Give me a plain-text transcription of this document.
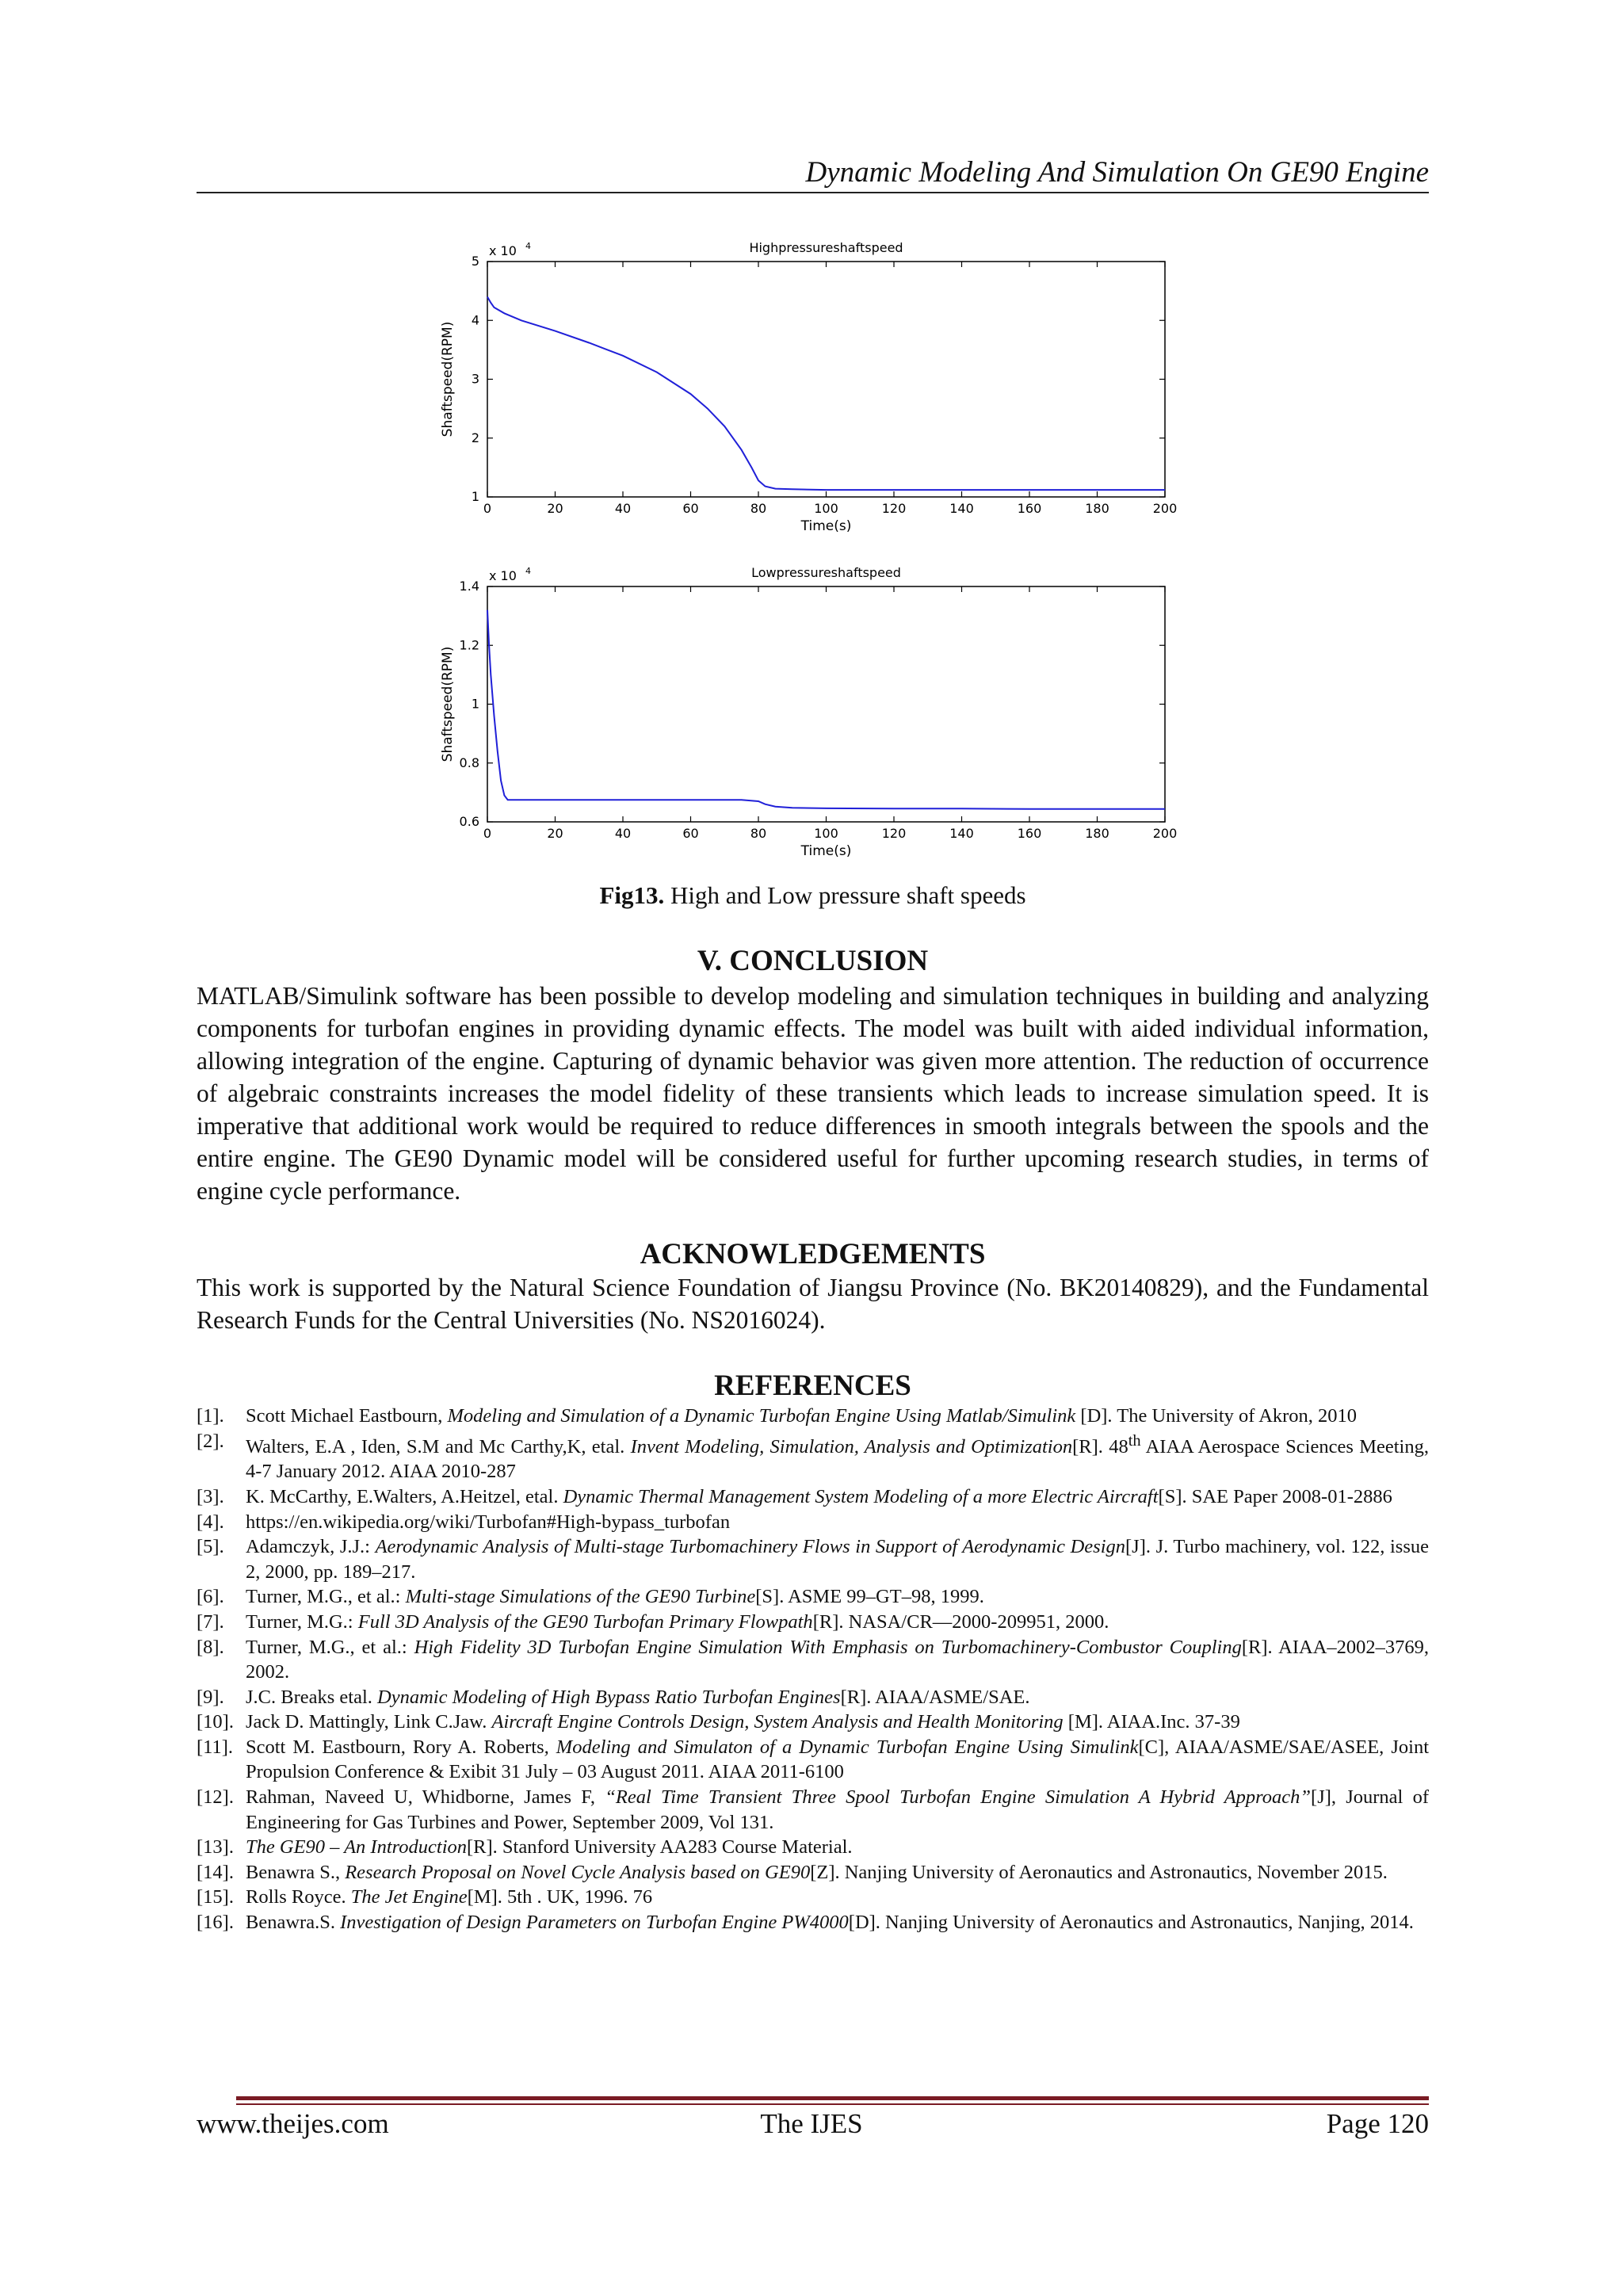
Dynamic Modeling And Simulation On GE90 Engine
0	20	40	60	80	100	120	140	160	180	200
1
2
3
4
5
x 10 4	Highpressureshaftspeed
Time(s)
Shaftspeed(RPM)
0	20	40	60	80	100	120	140	160	180	200
0.6
0.8
1
1.2
1.4
x 10 4	Lowpressureshaftspeed
Time(s)
Shaftspeed(RPM)
Fig13. High and Low pressure shaft speeds
V. CONCLUSION
MATLAB/Simulink software has been possible to develop modeling and simulation techniques in building and analyzing components for turbofan engines in providing dynamic effects. The model was built with aided individual information, allowing integration of the engine. Capturing of dynamic behavior was given more attention. The reduction of occurrence of algebraic constraints increases the model fidelity of these transients which leads to increase simulation speed. It is imperative that additional work would be required to reduce differences in smooth integrals between the spools and the entire engine. The GE90 Dynamic model will be considered useful for further upcoming research studies, in terms of engine cycle performance.
ACKNOWLEDGEMENTS
This work is supported by the Natural Science Foundation of Jiangsu Province (No. BK20140829), and the Fundamental Research Funds for the Central Universities (No. NS2016024).
REFERENCES
[1].	Scott Michael Eastbourn, Modeling and Simulation of a Dynamic Turbofan Engine Using Matlab/Simulink [D]. The University of Akron, 2010
[2].	Walters, E.A , Iden, S.M and Mc Carthy,K, etal. Invent Modeling, Simulation, Analysis and Optimization[R]. 48th AIAA Aerospace Sciences Meeting, 4-7 January 2012. AIAA 2010-287
[3].	K. McCarthy, E.Walters, A.Heitzel, etal. Dynamic Thermal Management System Modeling of a more Electric Aircraft[S]. SAE Paper 2008-01-2886
[4].	https://en.wikipedia.org/wiki/Turbofan#High-bypass_turbofan
[5].	Adamczyk, J.J.: Aerodynamic Analysis of Multi-stage Turbomachinery Flows in Support of Aerodynamic Design[J]. J. Turbo machinery, vol. 122, issue 2, 2000, pp. 189–217.
[6].	Turner, M.G., et al.: Multi-stage Simulations of the GE90 Turbine[S]. ASME 99–GT–98, 1999.
[7].	Turner, M.G.: Full 3D Analysis of the GE90 Turbofan Primary Flowpath[R]. NASA/CR—2000-209951, 2000.
[8].	Turner, M.G., et al.: High Fidelity 3D Turbofan Engine Simulation With Emphasis on Turbomachinery-Combustor Coupling[R]. AIAA–2002–3769, 2002.
[9].	J.C. Breaks etal. Dynamic Modeling of High Bypass Ratio Turbofan Engines[R]. AIAA/ASME/SAE.
[10]. Jack D. Mattingly, Link C.Jaw. Aircraft Engine Controls Design, System Analysis and Health Monitoring [M]. AIAA.Inc. 37-39
[11]. Scott M. Eastbourn, Rory A. Roberts, Modeling and Simulaton of a Dynamic Turbofan Engine Using Simulink[C], AIAA/ASME/SAE/ASEE, Joint Propulsion Conference & Exibit 31 July – 03 August 2011. AIAA 2011-6100
[12]. Rahman, Naveed U, Whidborne, James F, “Real Time Transient Three Spool Turbofan Engine Simulation A Hybrid Approach”[J], Journal of Engineering for Gas Turbines and Power, September 2009, Vol 131.
[13]. The GE90 – An Introduction[R]. Stanford University AA283 Course Material.
[14]. Benawra S., Research Proposal on Novel Cycle Analysis based on GE90[Z]. Nanjing University of Aeronautics and Astronautics, November 2015.
[15]. Rolls Royce. The Jet Engine[M]. 5th . UK, 1996. 76
[16]. Benawra.S. Investigation of Design Parameters on Turbofan Engine PW4000[D]. Nanjing University of Aeronautics and Astronautics, Nanjing, 2014.
www.theijes.com	The IJES	Page 120
